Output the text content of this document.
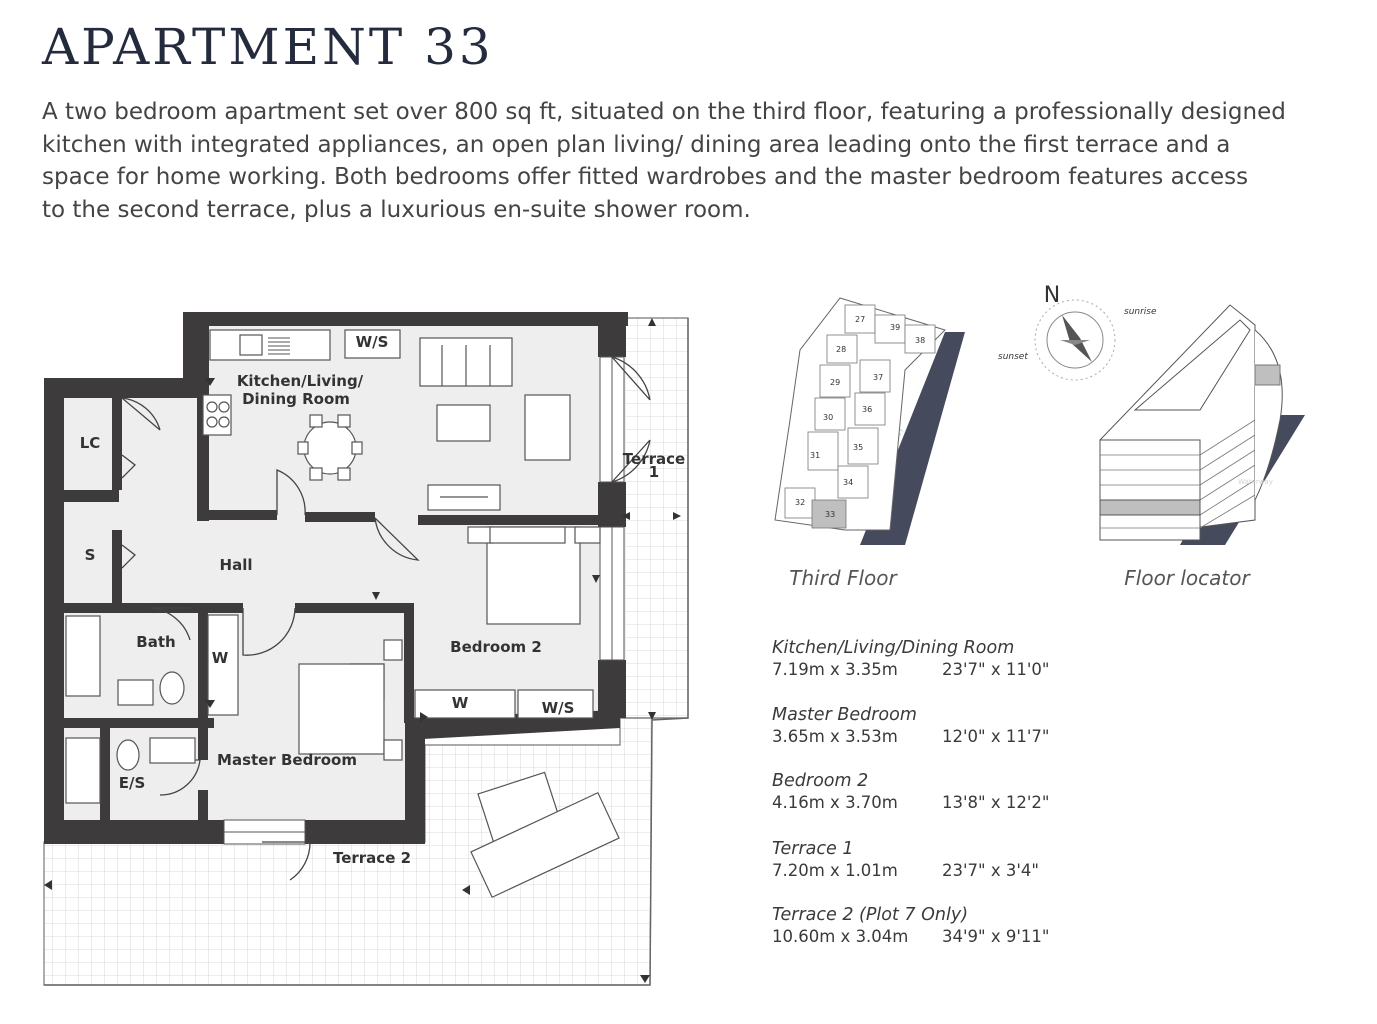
APARTMENT 33

A two bedroom apartment set over 800 sq ft, situated on the third floor, featuring a professionally designed
kitchen with integrated appliances, an open plan living/ dining area leading onto the first terrace and a
space for home working. Both bedrooms offer fitted wardrobes and the master bedroom features access
to the second terrace, plus a luxurious en-suite shower room.

Kitchen/Living/
Dining Room
W/S
LC
S
Hall
Bath
W
E/S
Master Bedroom
Bedroom 2
W	W/S
Terrace
1
Terrace 2
27
28
29
30
31
32
33
34
35
36
37
38
39
Third Floor
N
sunrise
sunset
Waterway
Floor locator
Kitchen/Living/Dining Room
7.19m x 3.35m	23'7" x 11'0"
Master Bedroom
3.65m x 3.53m	12'0" x 11'7"
Bedroom 2
4.16m x 3.70m	13'8" x 12'2"
Terrace 1
7.20m x 1.01m	23'7" x 3'4"
Terrace 2 (Plot 7 Only)
10.60m x 3.04m 34'9" x 9'11"
